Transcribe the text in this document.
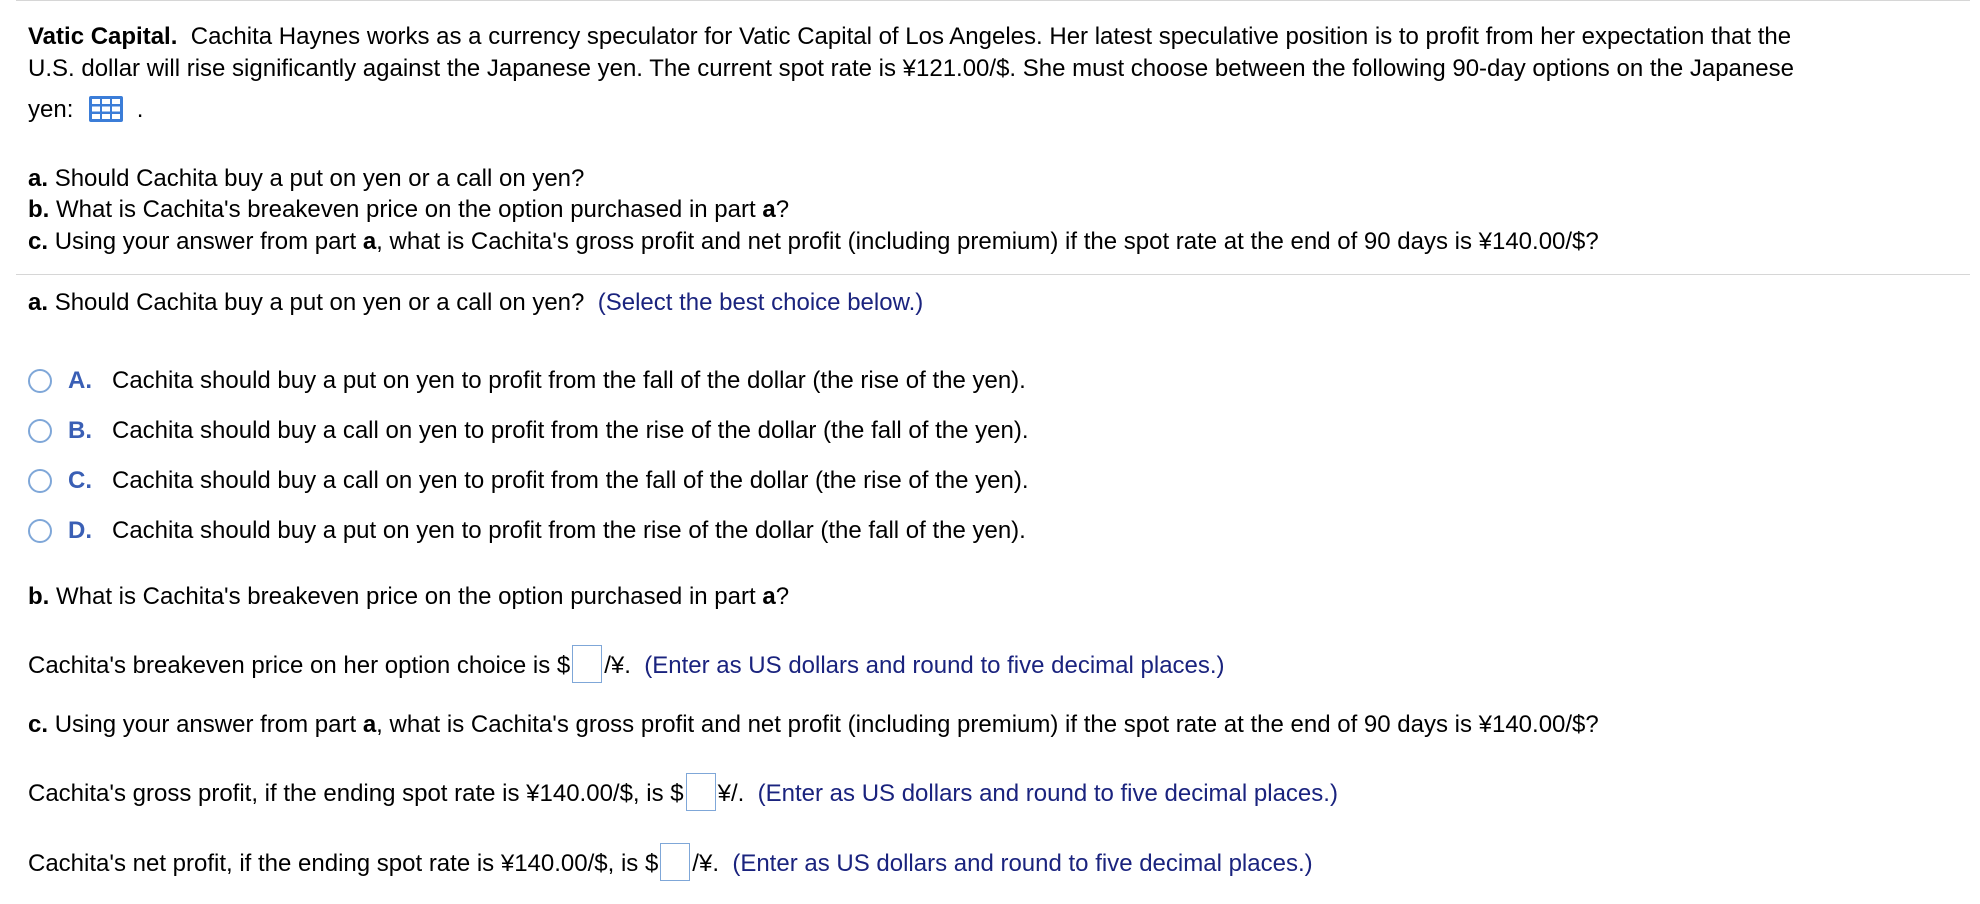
Vatic Capital. Cachita Haynes works as a currency speculator for Vatic Capital of Los Angeles. Her latest speculative position is to profit from her expectation that the
U.S. dollar will rise significantly against the Japanese yen. The current spot rate is ¥121.00/$. She must choose between the following 90-day options on the Japanese
yen:	.
a. Should Cachita buy a put on yen or a call on yen?
b. What is Cachita's breakeven price on the option purchased in part a?
c. Using your answer from part a, what is Cachita's gross profit and net profit (including premium) if the spot rate at the end of 90 days is ¥140.00/$?
a. Should Cachita buy a put on yen or a call on yen? (Select the best choice below.)
A. Cachita should buy a put on yen to profit from the fall of the dollar (the rise of the yen).
B. Cachita should buy a call on yen to profit from the rise of the dollar (the fall of the yen).
C. Cachita should buy a call on yen to profit from the fall of the dollar (the rise of the yen).
D. Cachita should buy a put on yen to profit from the rise of the dollar (the fall of the yen).
b. What is Cachita's breakeven price on the option purchased in part a?
Cachita's breakeven price on her option choice is $ /¥. (Enter as US dollars and round to five decimal places.)
c. Using your answer from part a, what is Cachita's gross profit and net profit (including premium) if the spot rate at the end of 90 days is ¥140.00/$?
Cachita's gross profit, if the ending spot rate is ¥140.00/$, is $ ¥/. (Enter as US dollars and round to five decimal places.)
Cachita's net profit, if the ending spot rate is ¥140.00/$, is $ /¥. (Enter as US dollars and round to five decimal places.)
